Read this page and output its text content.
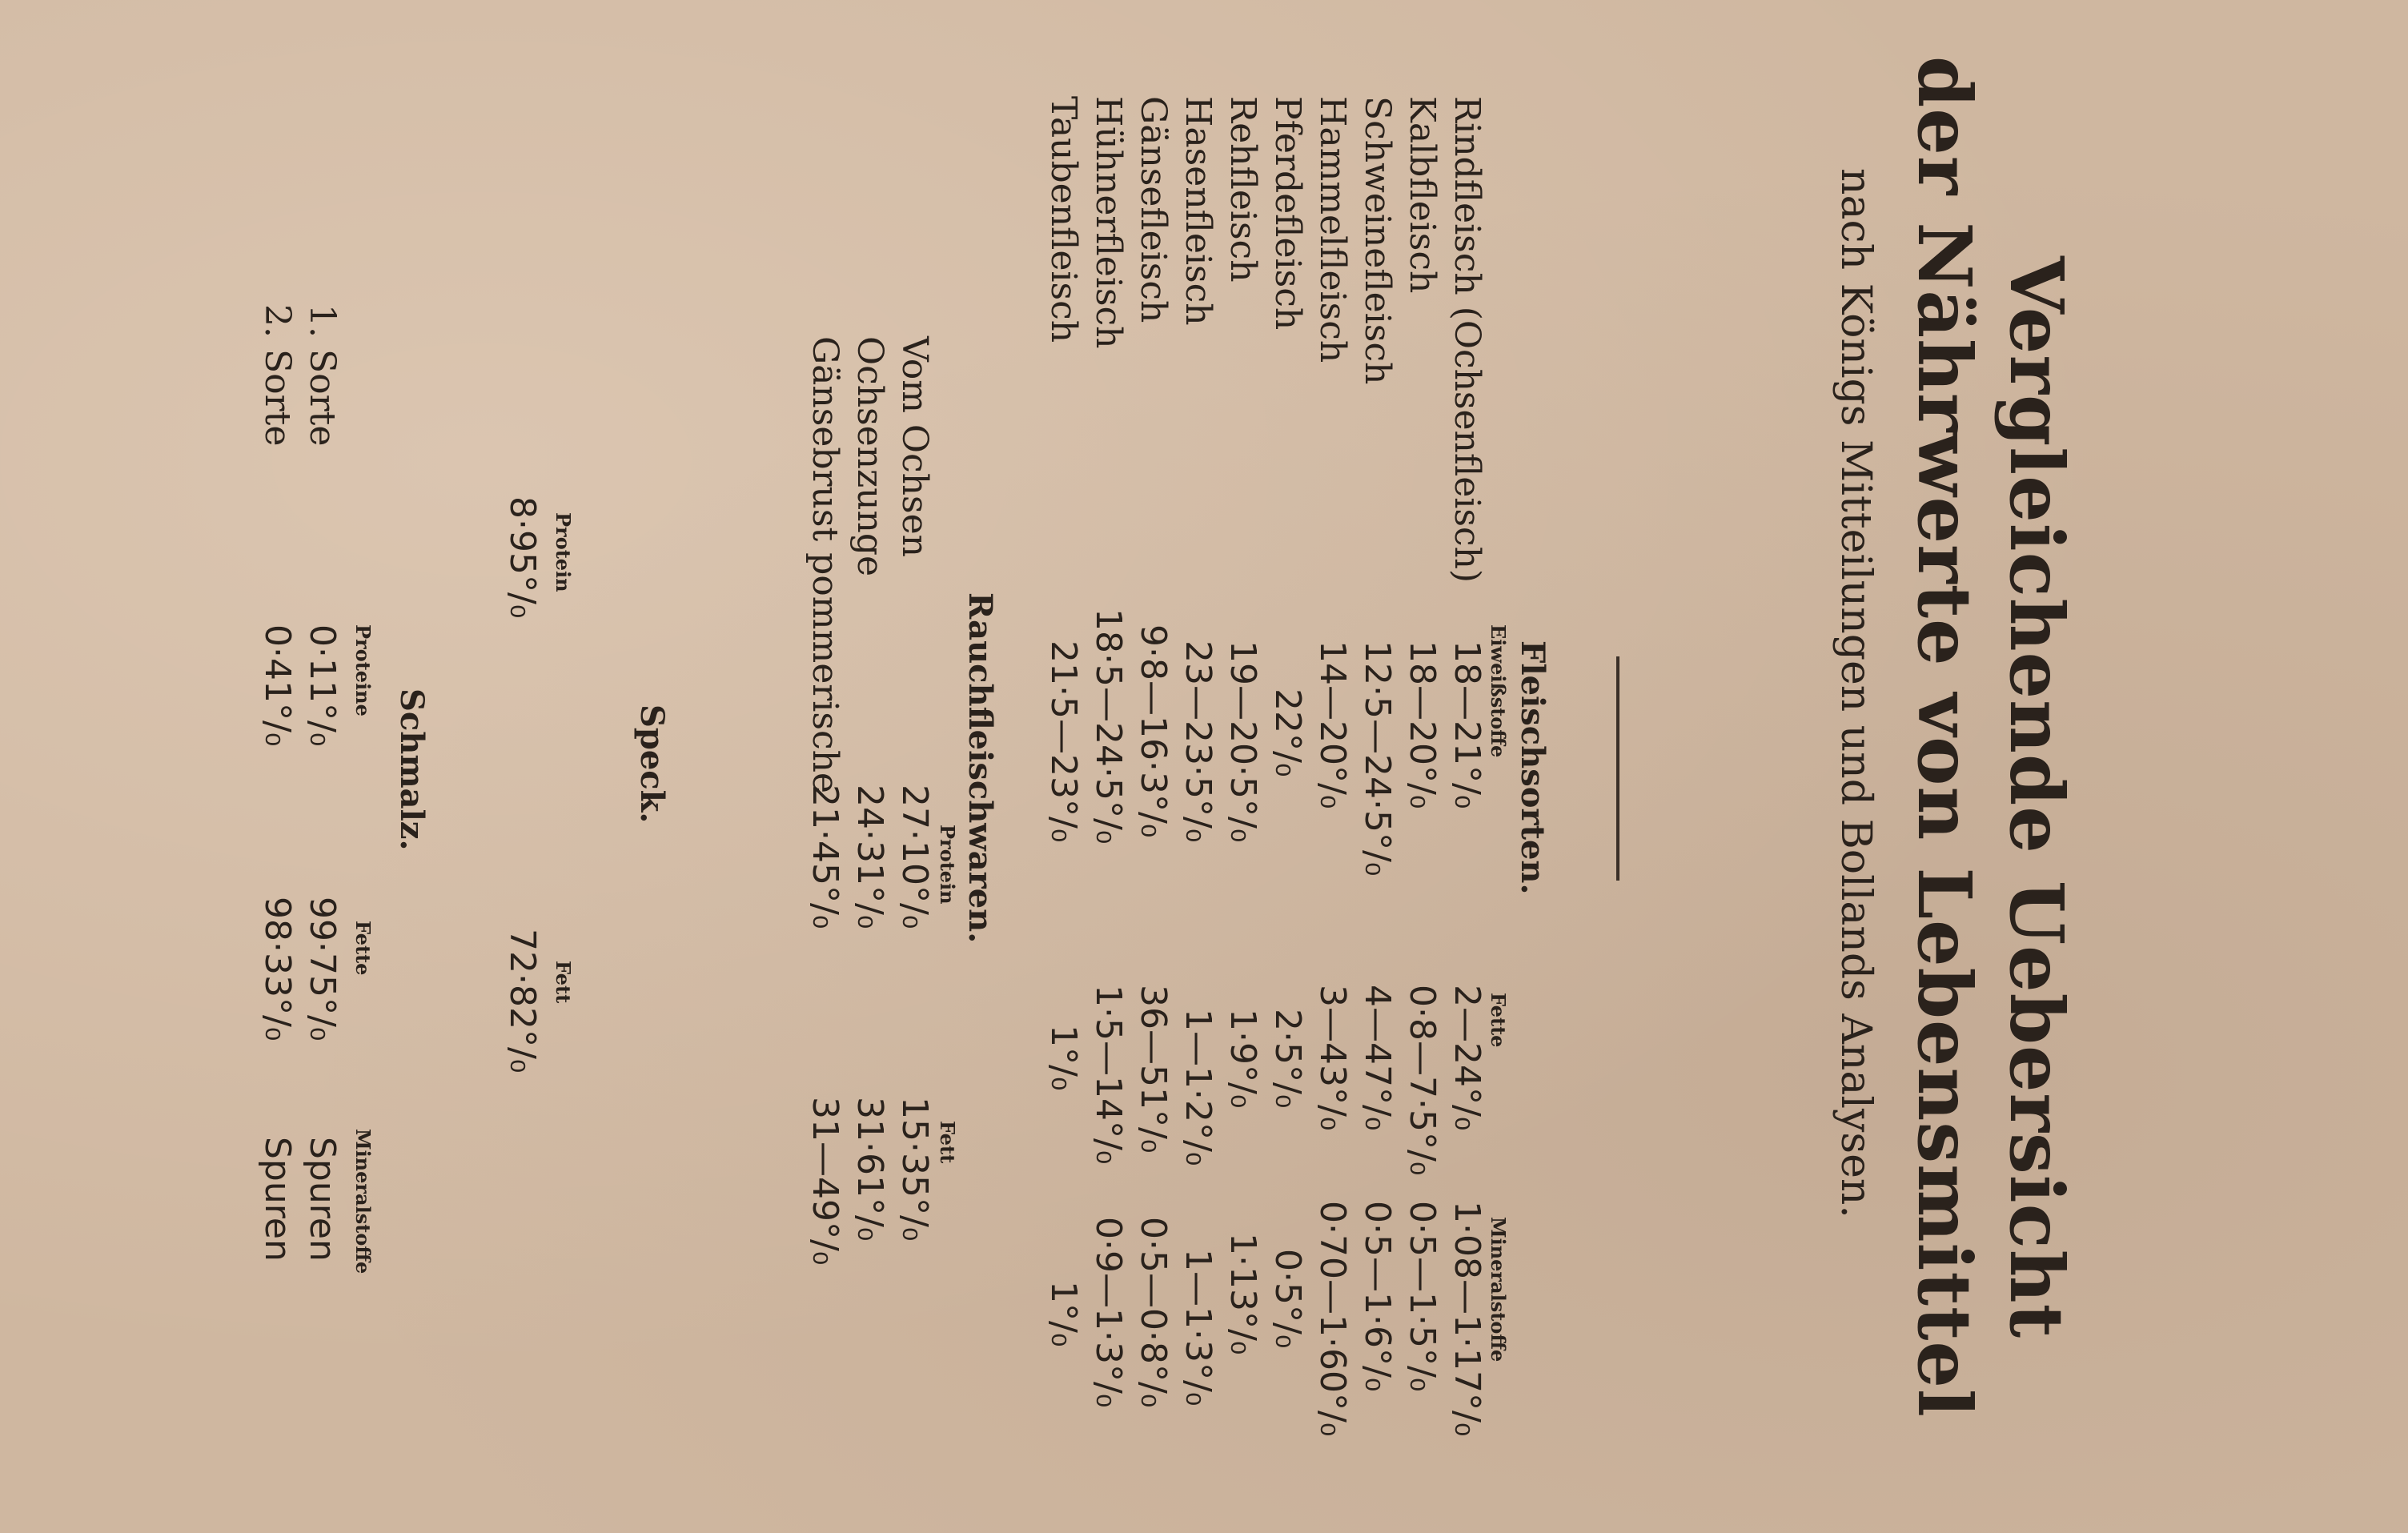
Vergleichende Uebersicht
der Nährwerte von Lebensmittel
nach Königs Mitteilungen und Bollands Analysen.
Fleischsorten.
Eiweißstoffe
Fette
Mineralstoffe
Rindfleisch (Ochsenfleisch)
18—21°/₀
2—24°/₀
1·08—1·17°/₀
Kalbfleisch
18—20°/₀
0·8—7·5°/₀
0·5—1·5°/₀
Schweinefleisch
12·5—24·5°/₀
4—47°/₀
0·5—1·6°/₀
Hammelfleisch
14—20°/₀
3—43°/₀
0·70—1·60°/₀
Pferdefleisch
22°/₀
2·5°/₀
0·5°/₀
Rehfleisch
19—20·5°/₀
1·9°/₀
1·13°/₀
Hasenfleisch
23—23·5°/₀
1—1·2°/₀
1—1·3°/₀
Gänsefleisch
9·8—16·3°/₀
36—51°/₀
0·5—0·8°/₀
Hühnerfleisch
18·5—24·5°/₀
1·5—14°/₀
0·9—1·3°/₀
Taubenfleisch
21·5—23°/₀
1°/₀
1°/₀
Rauchfleischwaren.
Protein
Fett
Vom Ochsen
27·10°/₀
15·35°/₀
Ochsenzunge
24·31°/₀
31·61°/₀
Gänsebrust pommerische
21·45°/₀
31—49°/₀
Speck.
Protein
Fett
8·95°/₀
72·82°/₀
Schmalz.
Proteine
Fette
Mineralstoffe
1. Sorte
0·11°/₀
99·75°/₀
Spuren
2. Sorte
0·41°/₀
98·33°/₀
Spuren
